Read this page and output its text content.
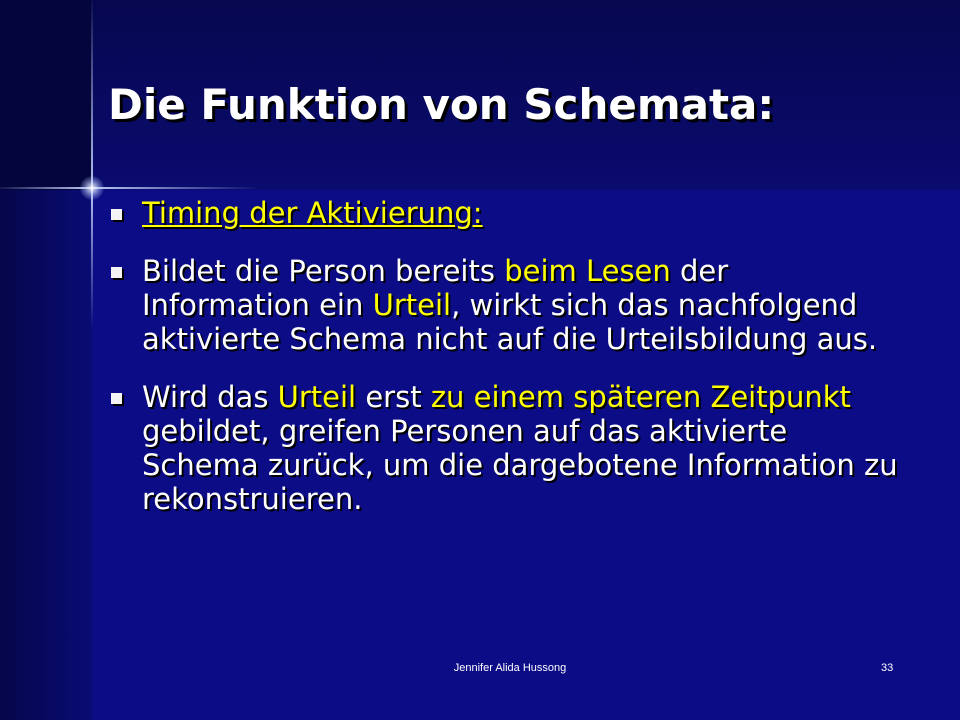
Die Funktion von Schemata:
Timing der Aktivierung:
Bildet die Person bereits beim Lesen der Information ein Urteil, wirkt sich das nachfolgend aktivierte Schema nicht auf die Urteilsbildung aus.
Wird das Urteil erst zu einem späteren Zeitpunkt gebildet, greifen Personen auf das aktivierte Schema zurück, um die dargebotene Information zu rekonstruieren.
Jennifer Alida Hussong	33
